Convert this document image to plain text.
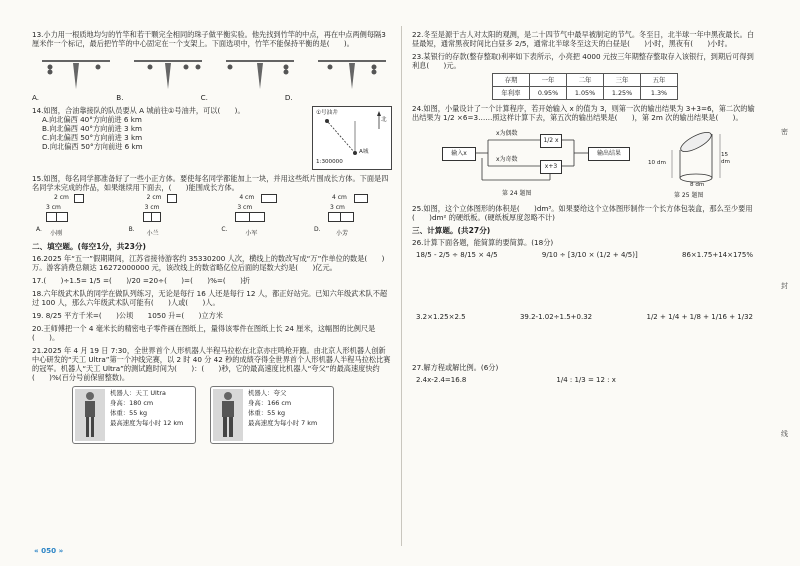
13.小力用一根质地均匀的竹竿和若干颗完全相同的珠子做平衡实验。他先找到竹竿的中点，再在中点两侧每隔3厘米作一个标记，最后把竹竿的中心固定在一个支架上。下面选项中，竹竿不能保持平衡的是(　　)。
A.	B.	C.	D.
14.如图，合油靠接队的队员要从 A 城前往①号油井，可以(　　)。
A.向北偏西 40°方向前进 6 km
B.向北偏西 40°方向前进 3 km
C.向北偏西 50°方向前进 3 km
D.向北偏西 50°方向前进 6 km
①号油井
北
A城
1:300000
15.如图，每名同学都准备好了一些小正方体。要使每名同学都能加上一块，并用这些纸片围成长方体。下面是四名同学未完成的作品，如果继续用下面去，(　　)能围成长方体。
2 cm
3 cm
A.
小刚
2 cm
3 cm
B.
小兰
4 cm
3 cm
C.
小军
4 cm
3 cm
D.
小芳
二、填空题。(每空1分，共23分)
16.2025 年“五一”假期期间，江苏省接待游客约 35330200 人次，横线上的数改写成“万”作单位的数是(　　)万。游客消费总额达 16272000000 元，该改线上的数省略亿位后面的尾数大约是(　　)亿元。
17.(　　)÷1.5= 1/5 =(　　)/20 =20÷(　　)=(　　)%=(　　)折
18.六年级武术队的同学在做队列练习，无论是每行 16 人还是每行 12 人，都正好站完。已知六年级武术队不超过 100 人，那么六年级武术队可能有(　　)人或(　　)人。
19. 8/25 平方千米=(　　)公顷　　1050 升=(　　)立方米
20.王师傅把一个 4 毫米长的精密电子零件画在图纸上，量得该零件在图纸上长 24 厘米，这幅图的比例尺是(　　)。
21.2025 年 4 月 19 日 7:30，全世界首个人形机器人半程马拉松在北京亦庄鸣枪开跑。由北京人形机器人创新中心研发的“天工 Ultra”第一个冲线完赛，以 2 时 40 分 42 秒的成绩夺得全世界首个人形机器人半程马拉松比赛的冠军。机器人“天工 Ultra”的测试跑时间为(　　)：(　　)秒，它的最高速度比机器人“夸父”的最高速度快约(　　)%(百分号前保留整数)。
机器人：天工 Ultra
身高：180 cm
体重：55 kg
最高速度为每小时 12 km
机器人：夸父
身高：166 cm
体重：55 kg
最高速度为每小时 7 km
22.冬至是源于古人对太阳的观测，是二十四节气中最早被制定的节气。冬至日，北半球一年中黑夜最长。白昼最短，通常黑夜时间比白昼多 2/5，通常北半球冬至这天的白昼是(　　)小时，黑夜有(　　)小时。
23.某银行的存款(整存整取)利率如下表所示，小亮把 4000 元按三年期整存整取存入该银行，到期后可得到利息(　　)元。
存期	一年	二年	三年	五年
年利率	0.95%	1.05%	1.25%	1.3%
24.如图，小量设计了一个计算程序，若开始输入 x 的值为 3，则第一次的输出结果为 3+3=6，第二次的输出结果为 1/2 ×6=3……照这样计算下去，第五次的输出结果是(　　)，第 2m 次的输出结果是(　　)。
输入x
x为偶数
x为奇数
1/2 x
x+3
输出结果
第 24 题图
15 dm
10 dm
8 dm
第 25 题图
25.如图，这个立体图形的体积是(　　)dm³。如果要给这个立体图形制作一个长方体包装盒，那么至少要用(　　)dm² 的硬纸板。(硬纸板厚度忽略不计)
三、计算题。(共27分)
26.计算下面各题，能简算的要简算。(18分)
18/5 - 2/5 ÷ 8/15 × 4/5	9/10 ÷ [3/10 × (1/2 + 4/5)]	86×1.75+14×175%
3.2×1.25×2.5	39.2-1.02÷1.5+0.32	1/2 + 1/4 + 1/8 + 1/16 + 1/32
27.解方程或解比例。(6分)
2.4x-2.4=16.8	1/4 : 1/3 = 12 : x
密
封
线
« 050 »
